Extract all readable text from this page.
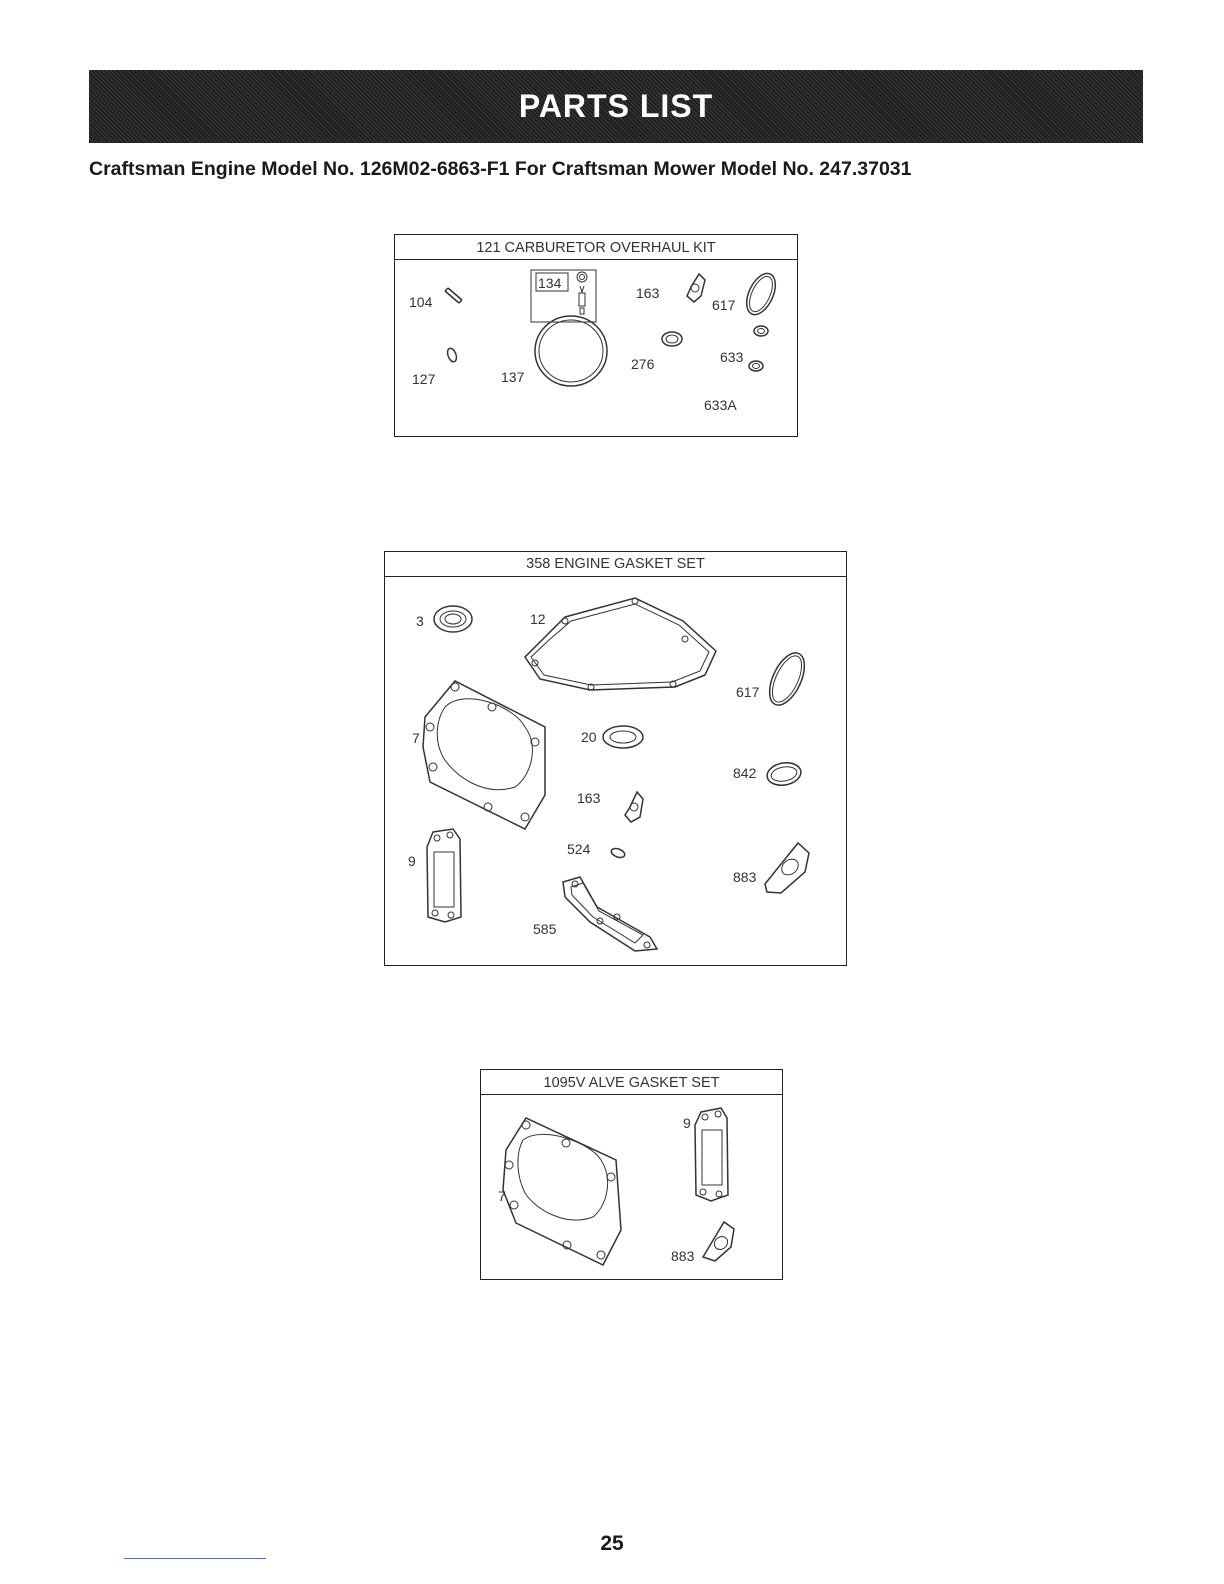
PARTS LIST
Craftsman Engine Model No. 126M02-6863-F1 For Craftsman Mower Model No. 247.37031
121 CARBURETOR OVERHAUL KIT
104
134
163
617
127	137
276	633
633A
358 ENGINE GASKET SET
3	12
617
7	20
842
163
9
524
883
585
1095V ALVE GASKET SET
9
7
883
25
